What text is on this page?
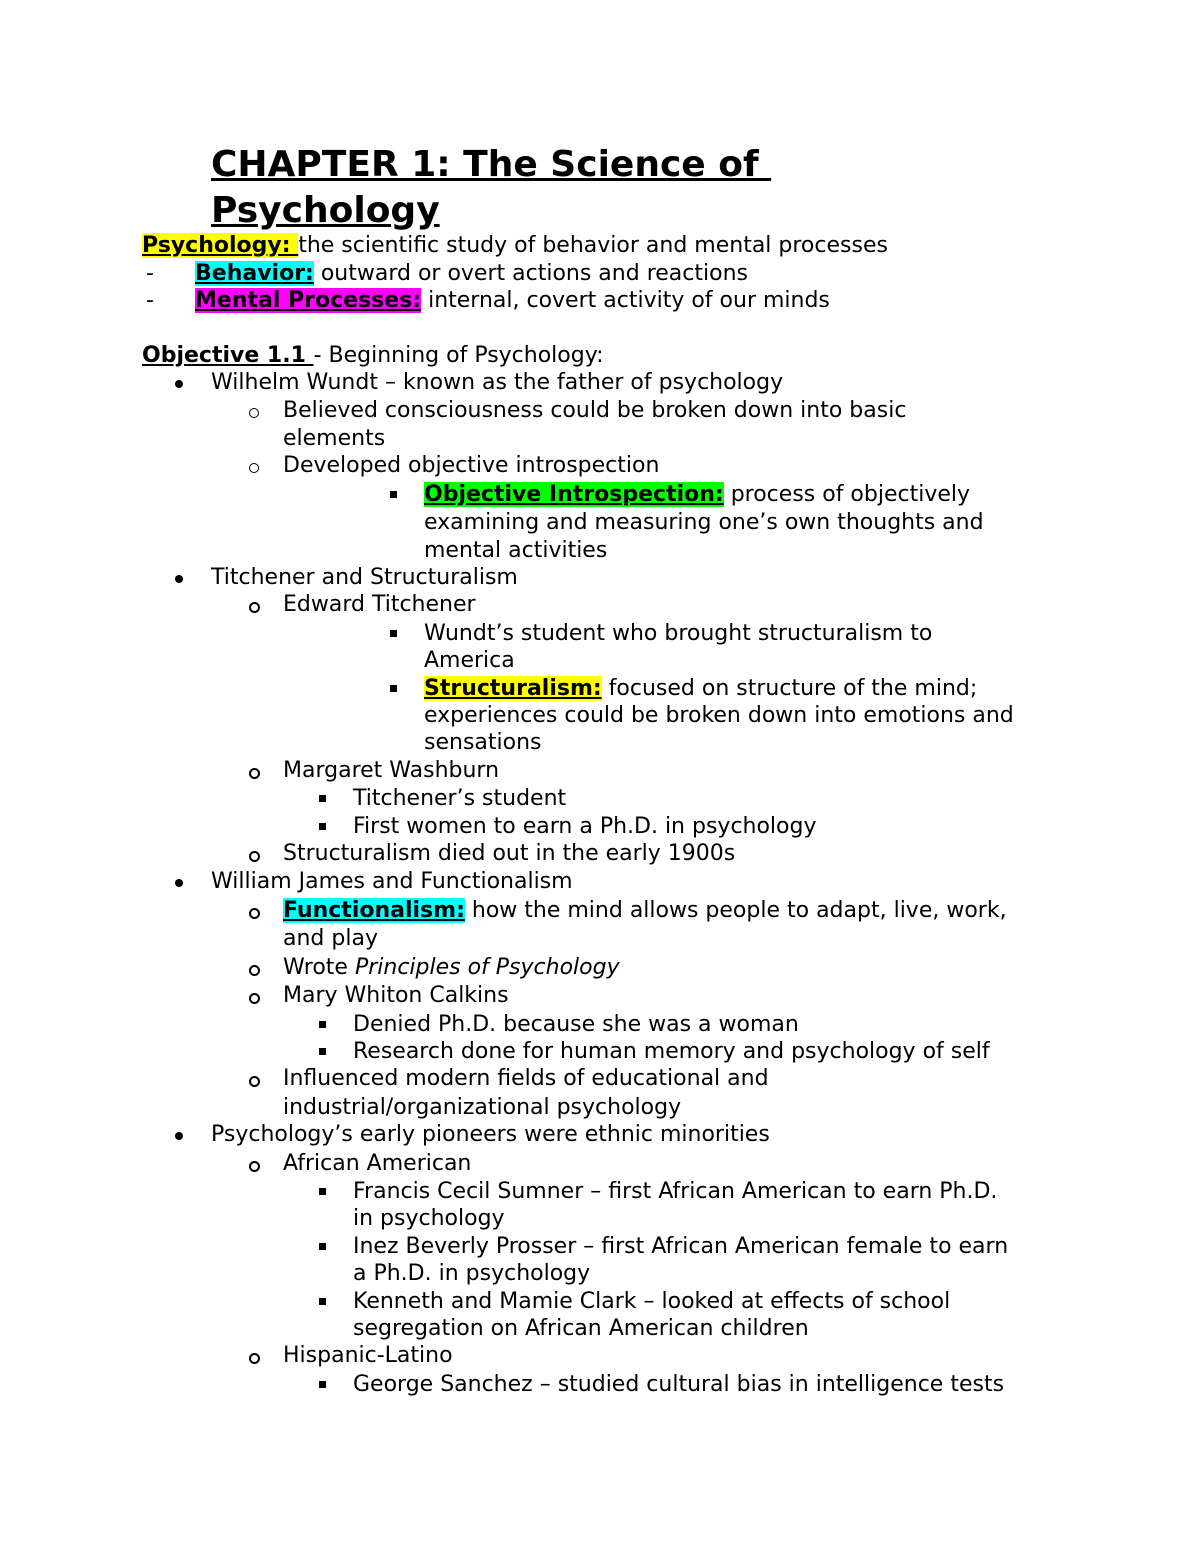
CHAPTER 1: The Science of
Psychology
Psychology: the scientific study of behavior and mental processes
- Behavior: outward or overt actions and reactions
- Mental Processes: internal, covert activity of our minds
Objective 1.1 - Beginning of Psychology:
Wilhelm Wundt – known as the father of psychology
Believed consciousness could be broken down into basic
elements
Developed objective introspection
Objective Introspection: process of objectively
examining and measuring one’s own thoughts and
mental activities
Titchener and Structuralism
Edward Titchener
Wundt’s student who brought structuralism to
America
Structuralism: focused on structure of the mind;
experiences could be broken down into emotions and
sensations
Margaret Washburn
Titchener’s student
First women to earn a Ph.D. in psychology
Structuralism died out in the early 1900s
William James and Functionalism
Functionalism: how the mind allows people to adapt, live, work,
and play
Wrote Principles of Psychology
Mary Whiton Calkins
Denied Ph.D. because she was a woman
Research done for human memory and psychology of self
Influenced modern fields of educational and
industrial/organizational psychology
Psychology’s early pioneers were ethnic minorities
African American
Francis Cecil Sumner – first African American to earn Ph.D.
in psychology
Inez Beverly Prosser – first African American female to earn
a Ph.D. in psychology
Kenneth and Mamie Clark – looked at effects of school
segregation on African American children
Hispanic-Latino
George Sanchez – studied cultural bias in intelligence tests
